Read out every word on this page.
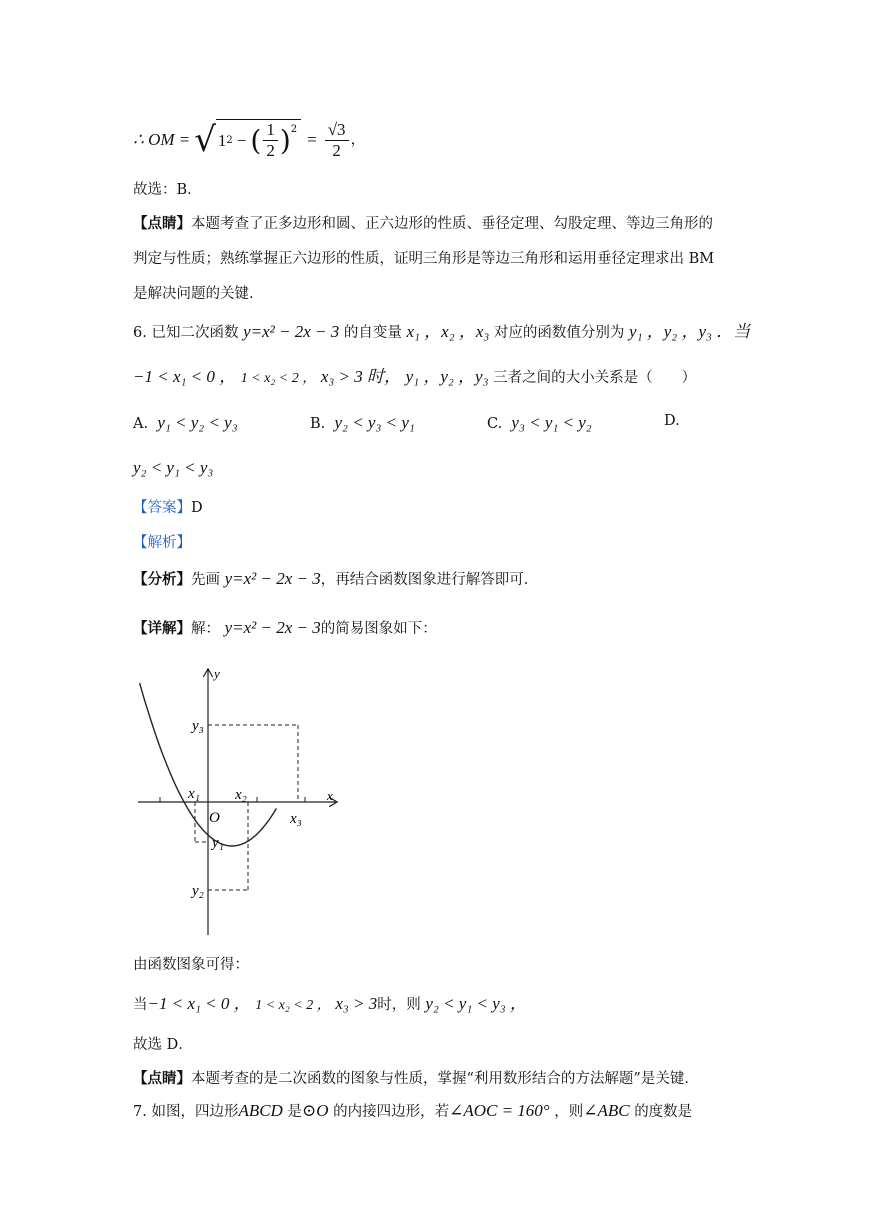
∴ OM = √ 1 2 − ( $\frac{1}{2} )^2$
= $\frac{√3}{2}$ ，
故选：B．
【点睛】本题考查了正多边形和圆、正六边形的性质、垂径定理、勾股定理、等边三角形的
判定与性质；熟练掌握正六边形的性质，证明三角形是等边三角形和运用垂径定理求出 BM
是解决问题的关键．
6. 已知二次函数 y=x² − 2x − 3 的自变量 x₁ ，x₂ ，x₃ 对应的函数值分别为 y₁ ，y₂ ，y₃ ．当
−1 < x₁ < 0 ， 1 < x₂ < 2 ， x₃ > 3 时， y₁ ，y₂ ，y₃ 三者之间的大小关系是（　　）
A. y₁ < y₂ < y₃	B. y₂ < y₃ < y₁	C. y₃ < y₁ < y₂	D.
y₂ < y₁ < y₃
【答案】D
【解析】
【分析】先画 y=x² − 2x − 3，再结合函数图象进行解答即可．
【详解】解： y=x² − 2x − 3的简易图象如下：
y
x
y₃
x₁ x₂
O	x₃
y₁
y₂
由函数图象可得：
当−1 < x₁ < 0 ， 1 < x₂ < 2 ， x₃ > 3时，则 y₂ < y₁ < y₃ ，
故选 D．
【点睛】本题考查的是二次函数的图象与性质，掌握“利用数形结合的方法解题”是关键．
7. 如图，四边形ABCD 是⊙O 的内接四边形，若∠AOC = 160° ，则∠ABC 的度数是
